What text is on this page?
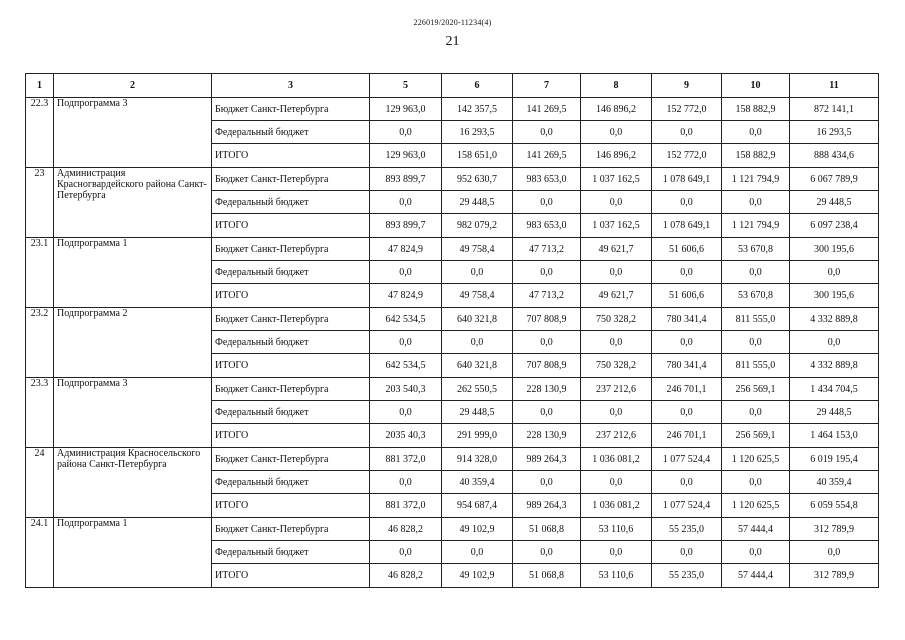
226019/2020-11234(4)
21
1	2	3	5	6	7	8	9	10	11
22.3	Подпрограмма 3	Бюджет Санкт-Петербурга	129 963,0	142 357,5	141 269,5	146 896,2	152 772,0	158 882,9	872 141,1
		Федеральный бюджет	0,0	16 293,5	0,0	0,0	0,0	0,0	16 293,5
		ИТОГО	129 963,0	158 651,0	141 269,5	146 896,2	152 772,0	158 882,9	888 434,6
23	Администрация Красногвардейского района Санкт-Петербурга	Бюджет Санкт-Петербурга	893 899,7	952 630,7	983 653,0	1 037 162,5	1 078 649,1	1 121 794,9	6 067 789,9
		Федеральный бюджет	0,0	29 448,5	0,0	0,0	0,0	0,0	29 448,5
		ИТОГО	893 899,7	982 079,2	983 653,0	1 037 162,5	1 078 649,1	1 121 794,9	6 097 238,4
23.1	Подпрограмма 1	Бюджет Санкт-Петербурга	47 824,9	49 758,4	47 713,2	49 621,7	51 606,6	53 670,8	300 195,6
		Федеральный бюджет	0,0	0,0	0,0	0,0	0,0	0,0	0,0
		ИТОГО	47 824,9	49 758,4	47 713,2	49 621,7	51 606,6	53 670,8	300 195,6
23.2	Подпрограмма 2	Бюджет Санкт-Петербурга	642 534,5	640 321,8	707 808,9	750 328,2	780 341,4	811 555,0	4 332 889,8
		Федеральный бюджет	0,0	0,0	0,0	0,0	0,0	0,0	0,0
		ИТОГО	642 534,5	640 321,8	707 808,9	750 328,2	780 341,4	811 555,0	4 332 889,8
23.3	Подпрограмма 3	Бюджет Санкт-Петербурга	203 540,3	262 550,5	228 130,9	237 212,6	246 701,1	256 569,1	1 434 704,5
		Федеральный бюджет	0,0	29 448,5	0,0	0,0	0,0	0,0	29 448,5
		ИТОГО	2035 40,3	291 999,0	228 130,9	237 212,6	246 701,1	256 569,1	1 464 153,0
24	Администрация Красносельского района Санкт-Петербурга	Бюджет Санкт-Петербурга	881 372,0	914 328,0	989 264,3	1 036 081,2	1 077 524,4	1 120 625,5	6 019 195,4
		Федеральный бюджет	0,0	40 359,4	0,0	0,0	0,0	0,0	40 359,4
		ИТОГО	881 372,0	954 687,4	989 264,3	1 036 081,2	1 077 524,4	1 120 625,5	6 059 554,8
24.1	Подпрограмма 1	Бюджет Санкт-Петербурга	46 828,2	49 102,9	51 068,8	53 110,6	55 235,0	57 444,4	312 789,9
		Федеральный бюджет	0,0	0,0	0,0	0,0	0,0	0,0	0,0
		ИТОГО	46 828,2	49 102,9	51 068,8	53 110,6	55 235,0	57 444,4	312 789,9
